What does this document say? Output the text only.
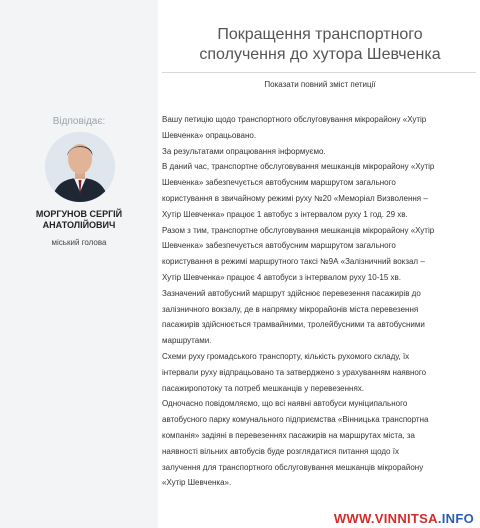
Покращення транспортного
сполучення до хутора Шевченка
Показати повний зміст петиції
Відповідає:
МОРГУНОВ СЕРГІЙ
АНАТОЛІЙОВИЧ
міський голова
Вашу петицію щодо транспортного обслуговування мікрорайону «Хутір
Шевченка» опрацьовано.
За результатами опрацювання інформуємо.
В даний час, транспортне обслуговування мешканців мікрорайону «Хутір
Шевченка» забезпечується автобусним маршрутом загального
користування в звичайному режимі руху №20 «Меморіал Визволення –
Хутір Шевченка» працює 1 автобус з інтервалом руху 1 год. 29 хв.
Разом з тим, транспортне обслуговування мешканців мікрорайону «Хутір
Шевченка» забезпечується автобусним маршрутом загального
користування в режимі маршрутного таксі №9А «Залізничний вокзал –
Хутір Шевченка» працює 4 автобуси з інтервалом руху 10-15 хв.
Зазначений автобусний маршрут здійснює перевезення пасажирів до
залізничного вокзалу, де в напрямку мікрорайонів міста перевезення
пасажирів здійснюється трамвайними, тролейбусними та автобусними
маршрутами.
Схеми руху громадського транспорту, кількість рухомого складу, їх
інтервали руху відпрацьовано та затверджено з урахуванням наявного
пасажиропотоку та потреб мешканців у перевезеннях.
Одночасно повідомляємо, що всі наявні автобуси муніципального
автобусного парку комунального підприємства «Вінницька транспортна
компанія» задіяні в перевезеннях пасажирів на маршрутах міста, за
наявності вільних автобусів буде розглядатися питання щодо їх
залучення для транспортного обслуговування мешканців мікрорайону
«Хутір Шевченка».
WWW.VINNITSA.INFO
